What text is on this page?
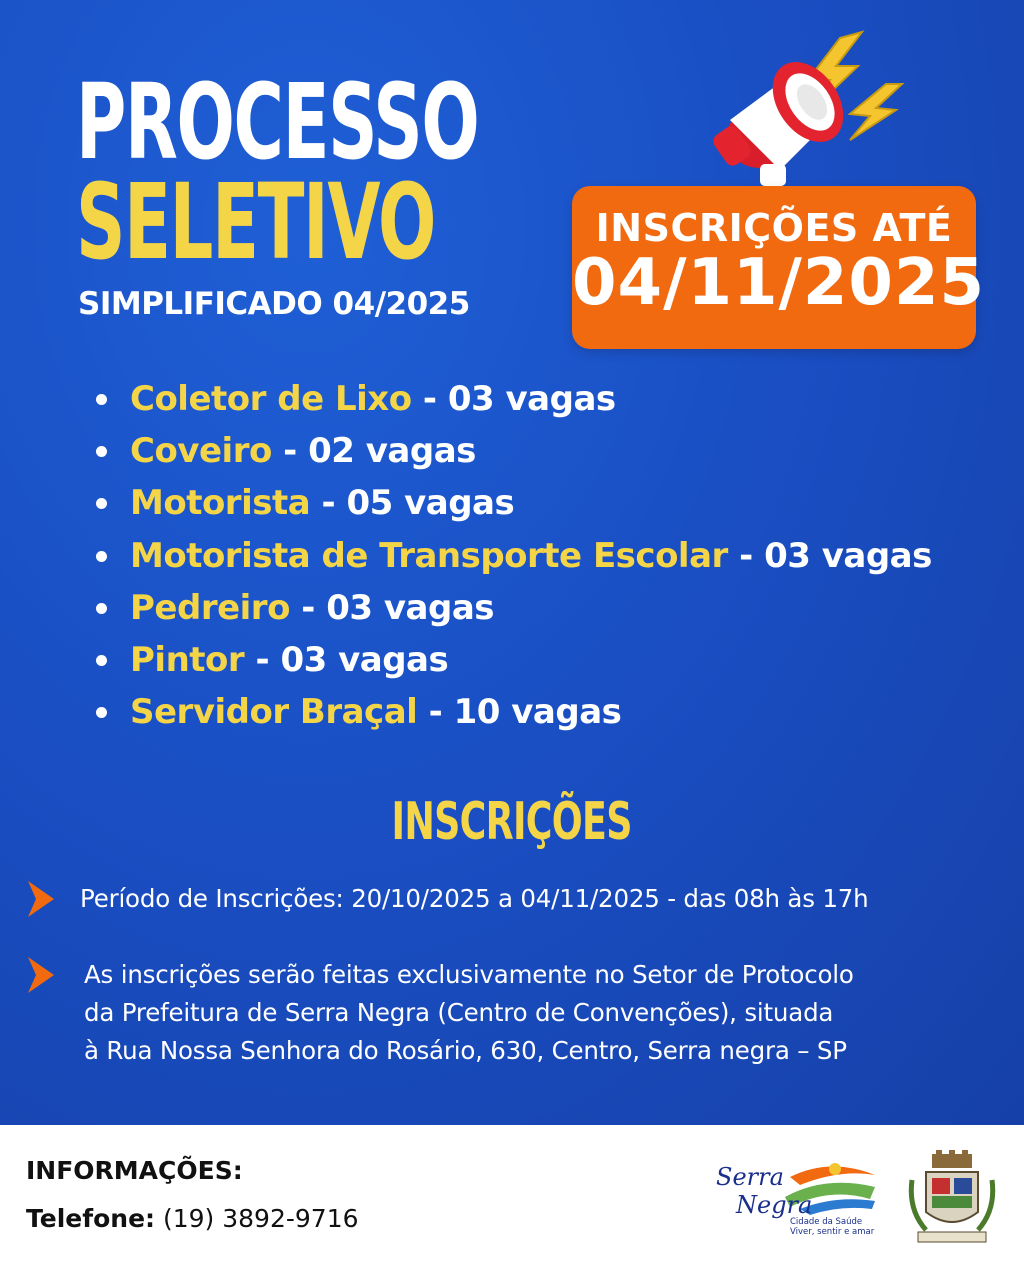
PROCESSO
SELETIVO
SIMPLIFICADO 04/2025
INSCRIÇÕES ATÉ
04/11/2025
Coletor de Lixo - 03 vagas
Coveiro - 02 vagas
Motorista - 05 vagas
Motorista de Transporte Escolar - 03 vagas
Pedreiro - 03 vagas
Pintor - 03 vagas
Servidor Braçal - 10 vagas
INSCRIÇÕES
Período de Inscrições: 20/10/2025 a 04/11/2025 - das 08h às 17h
As inscrições serão feitas exclusivamente no Setor de Protocolo
da Prefeitura de Serra Negra (Centro de Convenções), situada
à Rua Nossa Senhora do Rosário, 630, Centro, Serra negra – SP
INFORMAÇÕES:
Telefone: (19) 3892-9716
Serra
Negra
Cidade da Saúde
Viver, sentir e amar
